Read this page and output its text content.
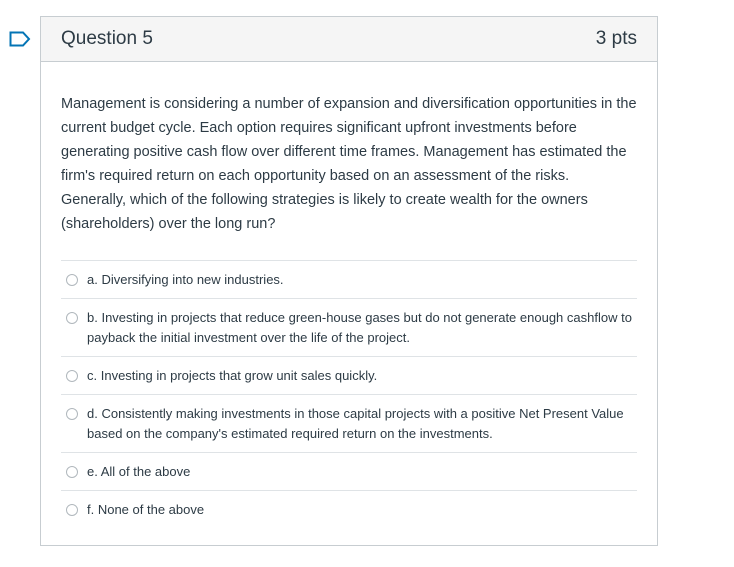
Question 5	3 pts

Management is considering a number of expansion and diversification opportunities in the current budget cycle. Each option requires significant upfront investments before generating positive cash flow over different time frames. Management has estimated the firm's required return on each opportunity based on an assessment of the risks. Generally, which of the following strategies is likely to create wealth for the owners (shareholders) over the long run?

a. Diversifying into new industries.
b. Investing in projects that reduce green-house gases but do not generate enough cashflow to payback the initial investment over the life of the project.
c. Investing in projects that grow unit sales quickly.
d. Consistently making investments in those capital projects with a positive Net Present Value based on the company's estimated required return on the investments.
e. All of the above
f. None of the above
